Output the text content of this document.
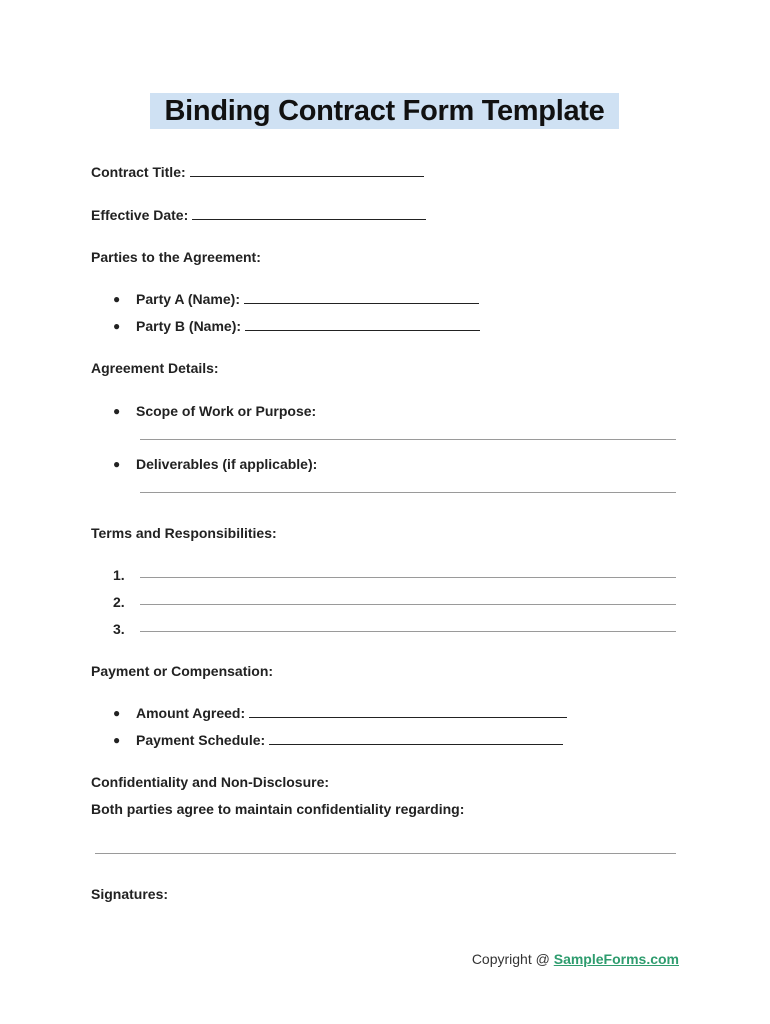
Binding Contract Form Template
Contract Title:
Effective Date:
Parties to the Agreement:
● Party A (Name):
● Party B (Name):
Agreement Details:
● Scope of Work or Purpose:
● Deliverables (if applicable):
Terms and Responsibilities:
1.
2.
3.
Payment or Compensation:
● Amount Agreed:
● Payment Schedule:
Confidentiality and Non-Disclosure:
Both parties agree to maintain confidentiality regarding:
Signatures:
Copyright @ SampleForms.com
